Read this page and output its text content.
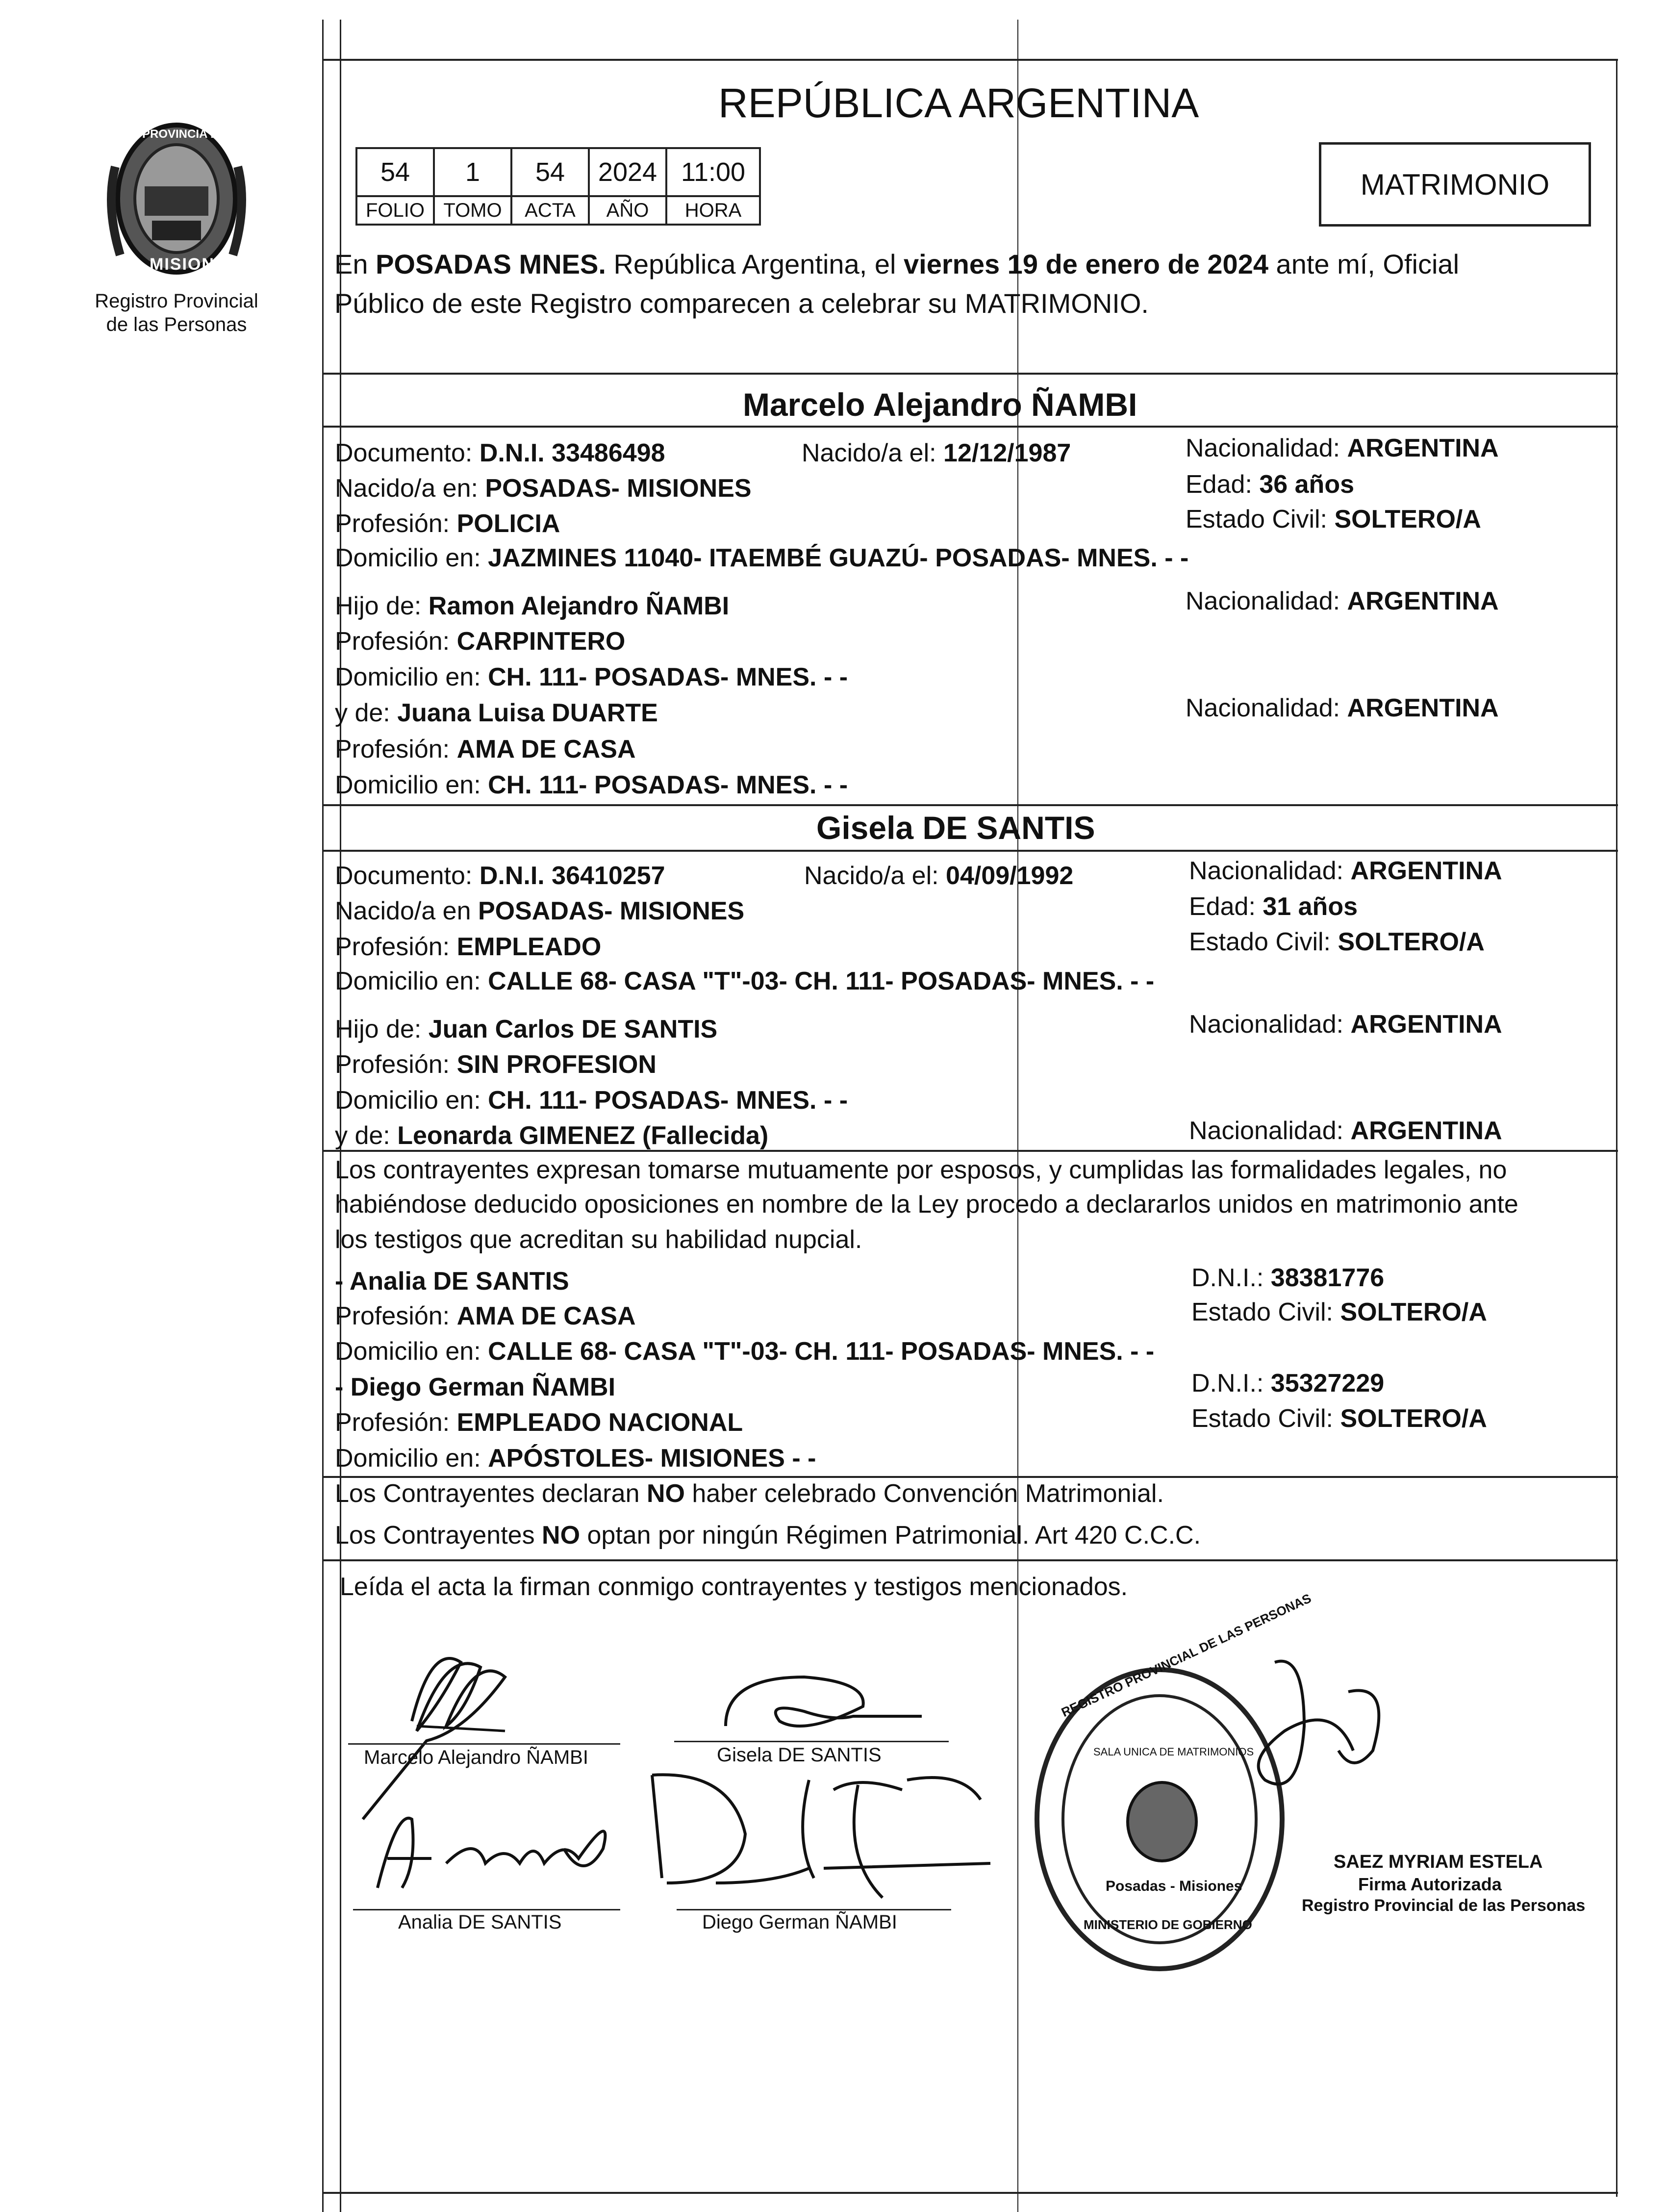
PROVINCIA DE
MISIONES
Registro Provincial
de las Personas
REPÚBLICA ARGENTINA
54	1	54	2024	11:00
FOLIO	TOMO	ACTA	AÑO	HORA
MATRIMONIO
En POSADAS MNES. República Argentina, el viernes 19 de enero de 2024 ante mí, Oficial
Público de este Registro comparecen a celebrar su MATRIMONIO.
Marcelo Alejandro ÑAMBI
Documento: D.N.I. 33486498	Nacido/a el: 12/12/1987	Nacionalidad: ARGENTINA
Nacido/a en: POSADAS- MISIONES	Edad: 36 años
Profesión: POLICIA	Estado Civil: SOLTERO/A
Domicilio en: JAZMINES 11040- ITAEMBÉ GUAZÚ- POSADAS- MNES. - -
Hijo de: Ramon Alejandro ÑAMBI	Nacionalidad: ARGENTINA
Profesión: CARPINTERO
Domicilio en: CH. 111- POSADAS- MNES. - -
y de: Juana Luisa DUARTE	Nacionalidad: ARGENTINA
Profesión: AMA DE CASA
Domicilio en: CH. 111- POSADAS- MNES. - -
Gisela DE SANTIS
Documento: D.N.I. 36410257	Nacido/a el: 04/09/1992	Nacionalidad: ARGENTINA
Nacido/a en POSADAS- MISIONES	Edad: 31 años
Profesión: EMPLEADO	Estado Civil: SOLTERO/A
Domicilio en: CALLE 68- CASA "T"-03- CH. 111- POSADAS- MNES. - -
Hijo de: Juan Carlos DE SANTIS	Nacionalidad: ARGENTINA
Profesión: SIN PROFESION
Domicilio en: CH. 111- POSADAS- MNES. - -
y de: Leonarda GIMENEZ (Fallecida)	Nacionalidad: ARGENTINA
Los contrayentes expresan tomarse mutuamente por esposos, y cumplidas las formalidades legales, no
habiéndose deducido oposiciones en nombre de la Ley procedo a declararlos unidos en matrimonio ante
los testigos que acreditan su habilidad nupcial.
- Analia DE SANTIS	D.N.I.: 38381776
Profesión: AMA DE CASA	Estado Civil: SOLTERO/A
Domicilio en: CALLE 68- CASA "T"-03- CH. 111- POSADAS- MNES. - -
- Diego German ÑAMBI	D.N.I.: 35327229
Profesión: EMPLEADO NACIONAL	Estado Civil: SOLTERO/A
Domicilio en: APÓSTOLES- MISIONES - -
Los Contrayentes declaran NO haber celebrado Convención Matrimonial.
Los Contrayentes NO optan por ningún Régimen Patrimonial. Art 420 C.C.C.
Leída el acta la firman conmigo contrayentes y testigos mencionados.
Marcelo Alejandro ÑAMBI	Gisela DE SANTIS
Analia DE SANTIS	Diego German ÑAMBI
REGISTRO PROVINCIAL DE LAS PERSONAS
SALA UNICA DE MATRIMONIOS
Posadas - Misiones
MINISTERIO DE GOBIERNO
SAEZ MYRIAM ESTELA
Firma Autorizada
Registro Provincial de las Personas
